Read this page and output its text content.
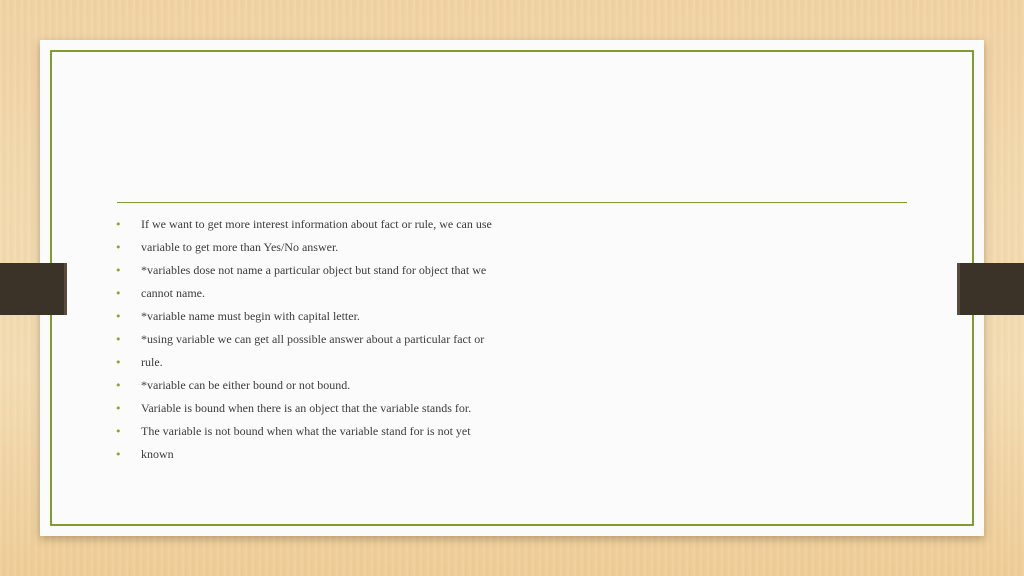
• If we want to get more interest information about fact or rule, we can use
• variable to get more than Yes/No answer.
• *variables dose not name a particular object but stand for object that we
• cannot name.
• *variable name must begin with capital letter.
• *using variable we can get all possible answer about a particular fact or
• rule.
• *variable can be either bound or not bound.
• Variable is bound when there is an object that the variable stands for.
• The variable is not bound when what the variable stand for is not yet
• known
